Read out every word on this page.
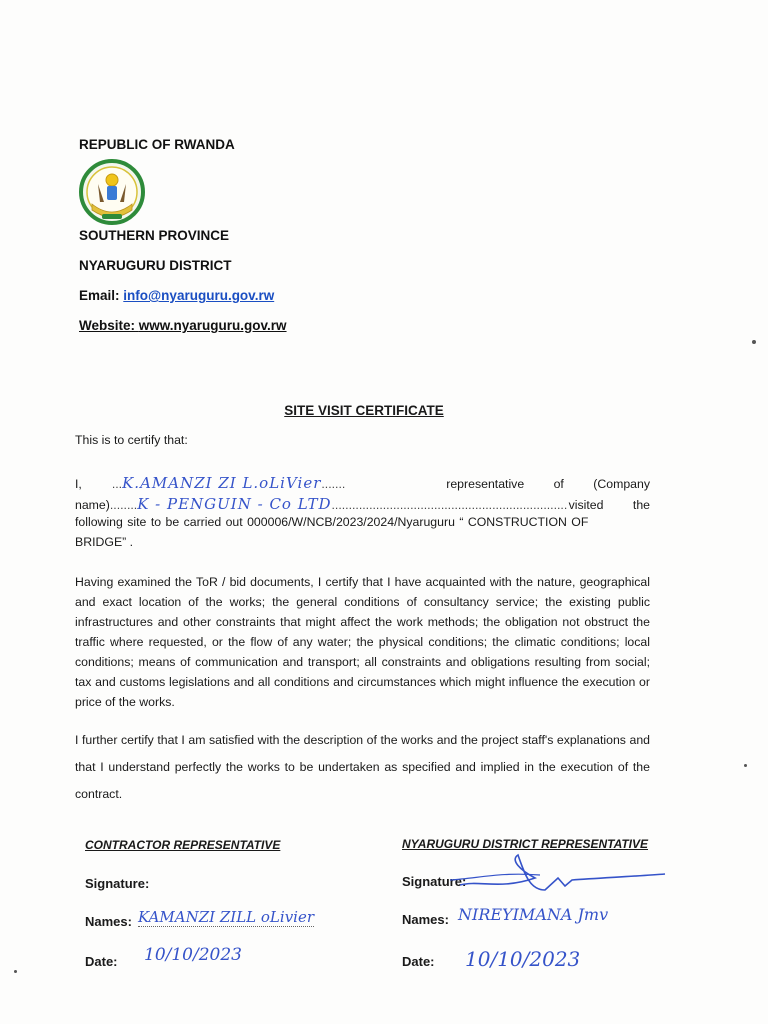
REPUBLIC OF RWANDA
SOUTHERN PROVINCE
NYARUGURU DISTRICT
Email: info@nyaruguru.gov.rw
Website: www.nyaruguru.gov.rw
SITE VISIT CERTIFICATE
This is to certify that:
I, ... K.AMANZI ZI L.oLiVier .......	representative of (Company
name) ........ K - PENGUIN - Co LTD ..................................................................... visited the
following site to be carried out 000006/W/NCB/2023/2024/Nyaruguru “ CONSTRUCTION OF
BRIDGE” .
Having examined the ToR / bid documents, I certify that I have acquainted with the nature, geographical and exact location of the works; the general conditions of consultancy service; the existing public infrastructures and other constraints that might affect the work methods; the obligation not obstruct the traffic where requested, or the flow of any water; the physical conditions; the climatic conditions; local conditions; means of communication and transport; all constraints and obligations resulting from social; tax and customs legislations and all conditions and circumstances which might influence the execution or price of the works.
I further certify that I am satisfied with the description of the works and the project staff's explanations and that I understand perfectly the works to be undertaken as specified and implied in the execution of the contract.
CONTRACTOR REPRESENTATIVE
Signature:
Names: KAMANZI ZILL oLivier
Date: 10/10/2023
NYARUGURU DISTRICT REPRESENTATIVE
Signature:
Names: NIREYIMANA Jmv
Date: 10/10/2023
